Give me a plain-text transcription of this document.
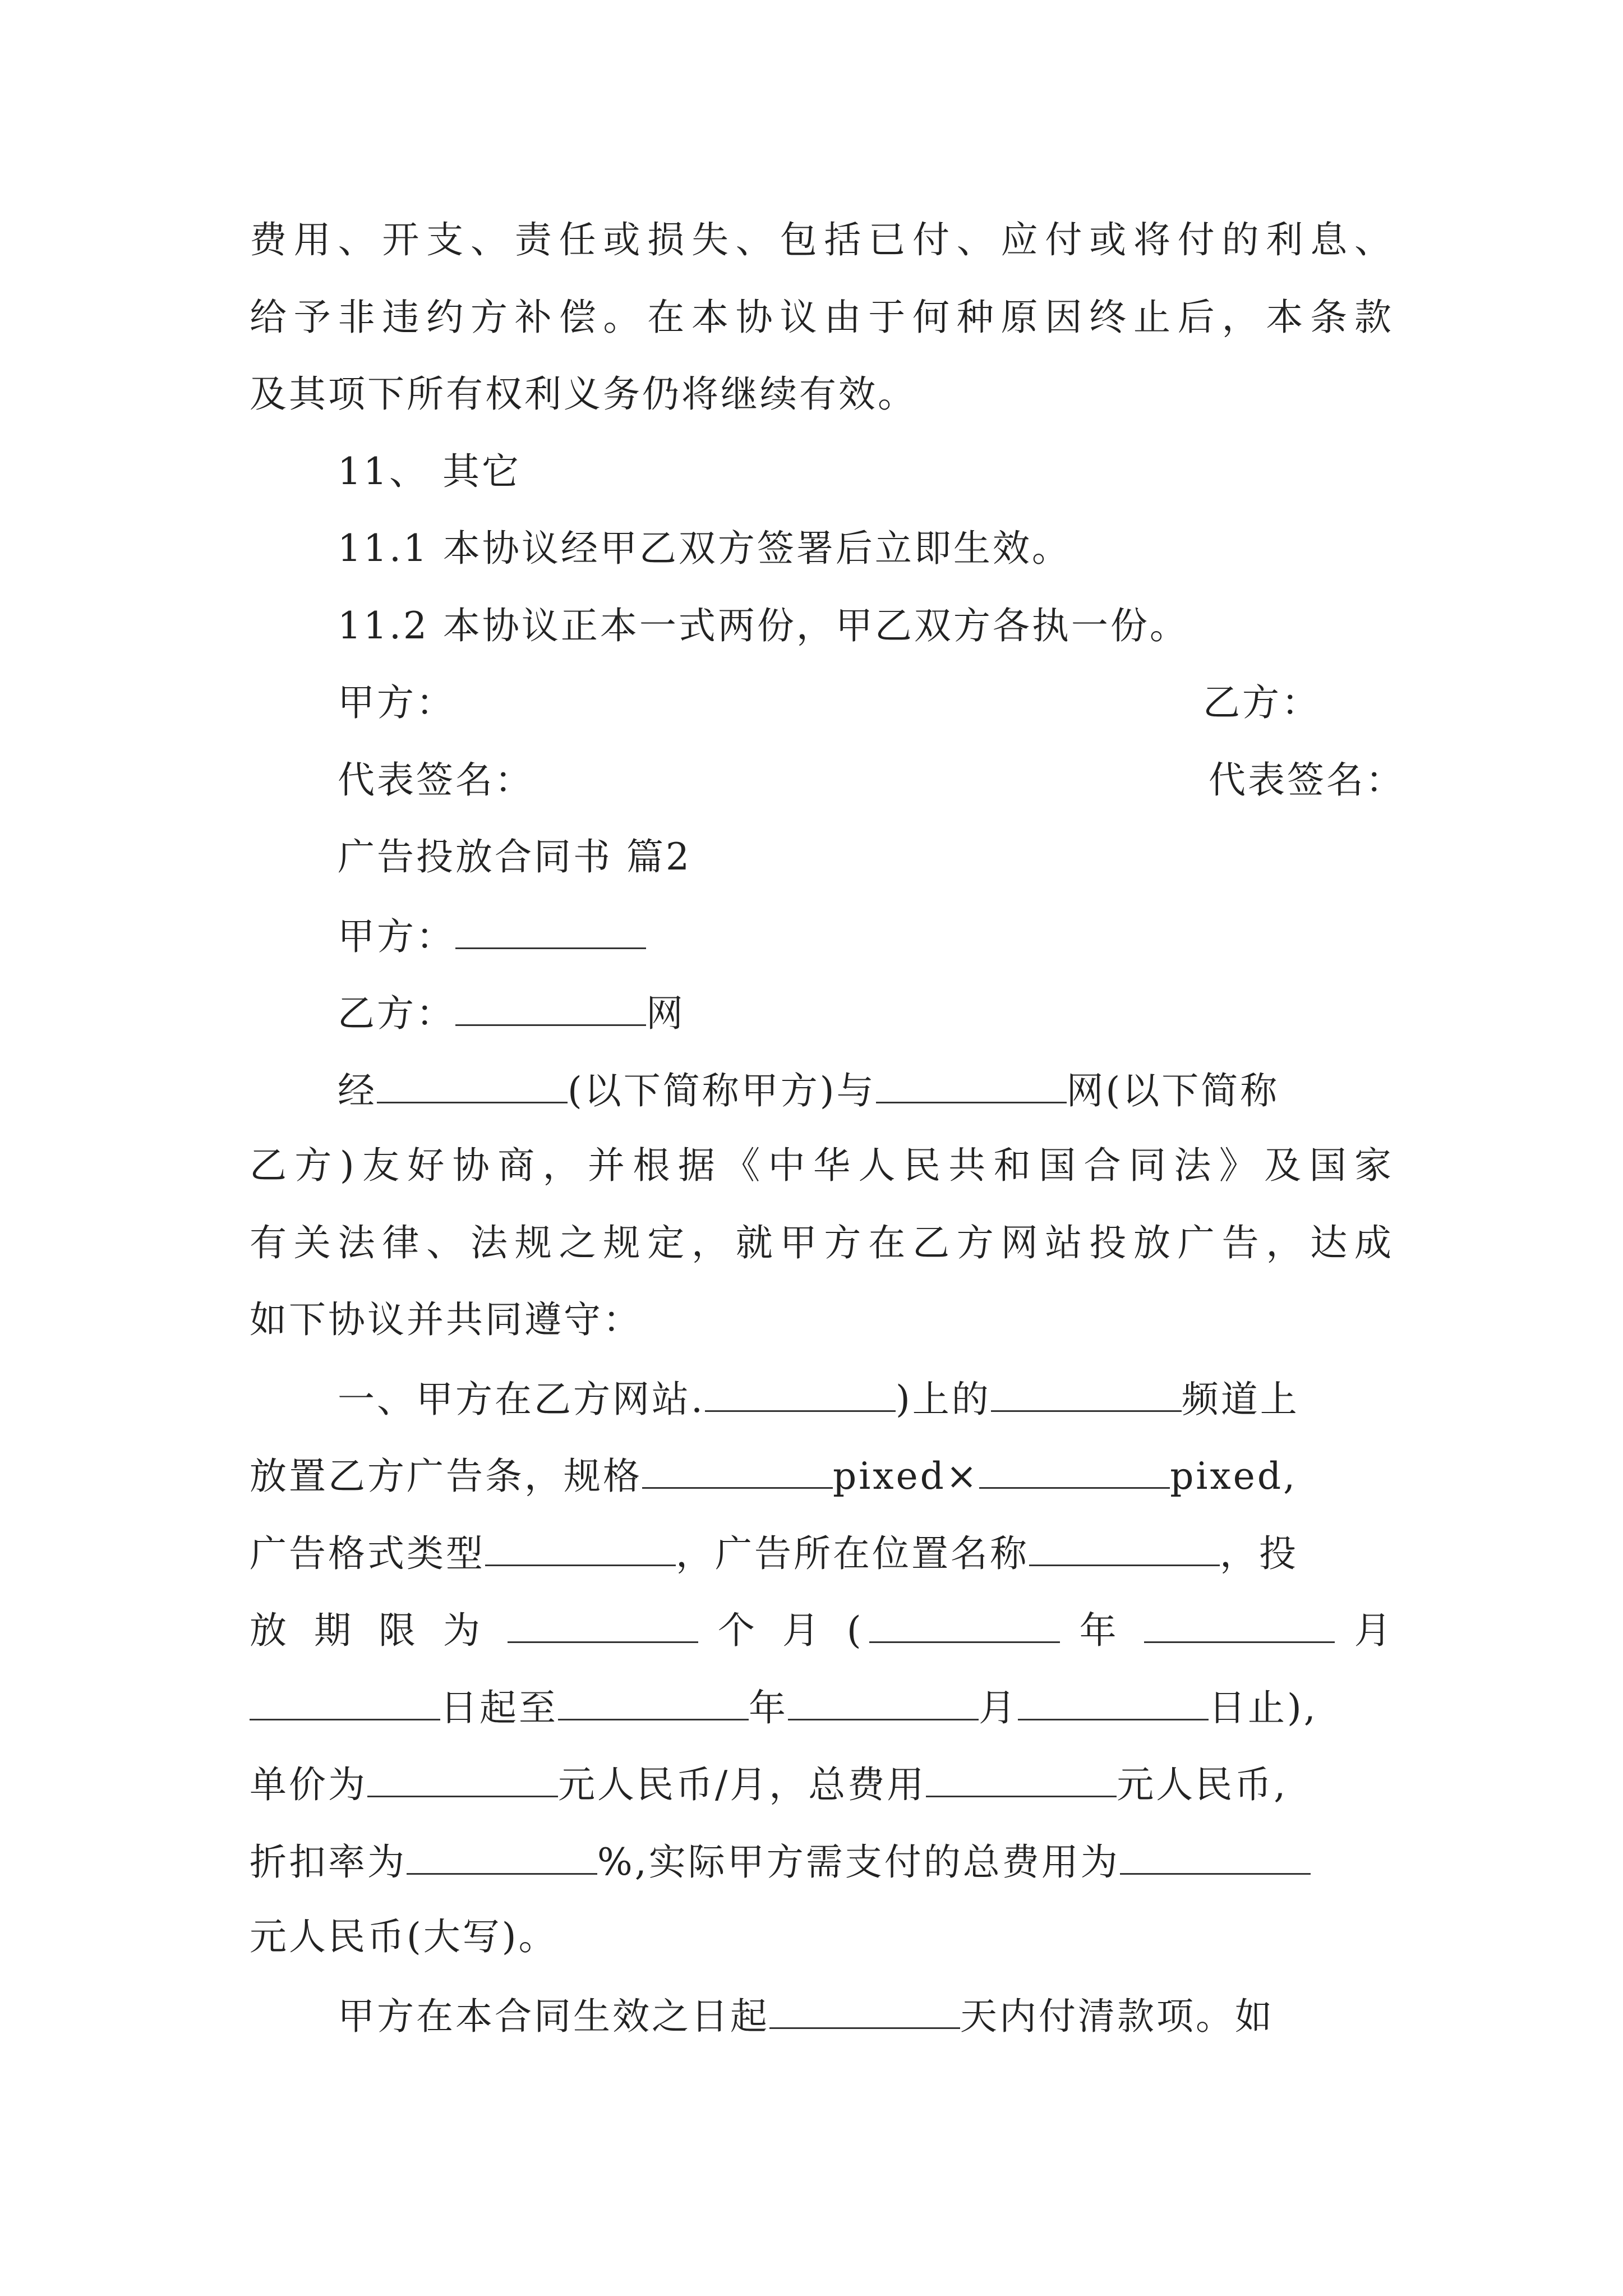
费用、开支、责任或损失、包括已付、应付或将付的利息、
给予非违约方补偿。在本协议由于何种原因终止后，本条款
及其项下所有权利义务仍将继续有效。
11、 其它
11.1 本协议经甲乙双方签署后立即生效。
11.2 本协议正本一式两份，甲乙双方各执一份。
甲方：	乙方：
代表签名：	代表签名：
广告投放合同书 篇2
甲方：
乙方：	网
经	(以下简称甲方)与	网(以下简称
乙方)友好协商，并根据《中华人民共和国合同法》及国家
有关法律、法规之规定，就甲方在乙方网站投放广告，达成
如下协议并共同遵守：
一、甲方在乙方网站.	)上的	频道上
放置乙方广告条，规格	pixed×	pixed,
广告格式类型	，广告所在位置名称	，投
放 期 限 为	个 月 (	年	月
日起至	年	月	日止),
单价为	元人民币/月，总费用	元人民币,
折扣率为	%,实际甲方需支付的总费用为
元人民币(大写)。
甲方在本合同生效之日起	天内付清款项。如
